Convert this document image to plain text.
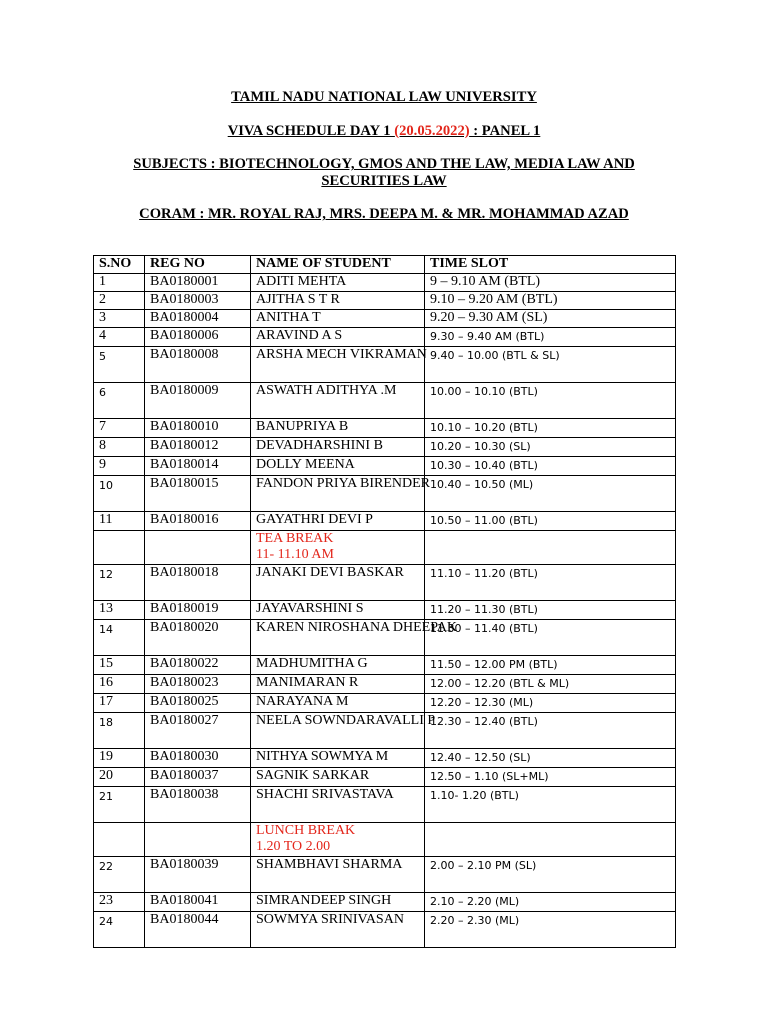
TAMIL NADU NATIONAL LAW UNIVERSITY
VIVA SCHEDULE DAY 1 (20.05.2022) : PANEL 1
SUBJECTS : BIOTECHNOLOGY, GMOS AND THE LAW, MEDIA LAW AND SECURITIES LAW
CORAM : MR. ROYAL RAJ, MRS. DEEPA M. & MR. MOHAMMAD AZAD
S.NO	REG NO	NAME OF STUDENT	TIME SLOT
1	BA0180001	ADITI MEHTA	9 – 9.10 AM (BTL)
2	BA0180003	AJITHA S T R	9.10 – 9.20 AM (BTL)
3	BA0180004	ANITHA T	9.20 – 9.30 AM (SL)
4	BA0180006	ARAVIND A S	9.30 – 9.40 AM (BTL)
5	BA0180008	ARSHA MECH VIKRAMAN	9.40 – 10.00 (BTL & SL)
6	BA0180009	ASWATH ADITHYA .M	10.00 – 10.10 (BTL)
7	BA0180010	BANUPRIYA B	10.10 – 10.20 (BTL)
8	BA0180012	DEVADHARSHINI B	10.20 – 10.30 (SL)
9	BA0180014	DOLLY MEENA	10.30 – 10.40 (BTL)
10	BA0180015	FANDON PRIYA BIRENDER	10.40 – 10.50 (ML)
11	BA0180016	GAYATHRI DEVI P	10.50 – 11.00 (BTL)

		TEA BREAK
11- 11.10 AM	

12	BA0180018	JANAKI DEVI BASKAR	11.10 – 11.20 (BTL)
13	BA0180019	JAYAVARSHINI S	11.20 – 11.30 (BTL)
14	BA0180020	KAREN NIROSHANA DHEEPAK	11.30 – 11.40 (BTL)
15	BA0180022	MADHUMITHA G	11.50 – 12.00 PM (BTL)
16	BA0180023	MANIMARAN R	12.00 – 12.20 (BTL & ML)
17	BA0180025	NARAYANA M	12.20 – 12.30 (ML)
18	BA0180027	NEELA SOWNDARAVALLI P	12.30 – 12.40 (BTL)
19	BA0180030	NITHYA SOWMYA M	12.40 – 12.50 (SL)
20	BA0180037	SAGNIK SARKAR	12.50 – 1.10 (SL+ML)
21	BA0180038	SHACHI SRIVASTAVA	1.10- 1.20 (BTL)

		LUNCH BREAK
1.20 TO 2.00	

22	BA0180039	SHAMBHAVI SHARMA	2.00 – 2.10 PM (SL)
23	BA0180041	SIMRANDEEP SINGH	2.10 – 2.20 (ML)
24	BA0180044	SOWMYA SRINIVASAN	2.20 – 2.30 (ML)
